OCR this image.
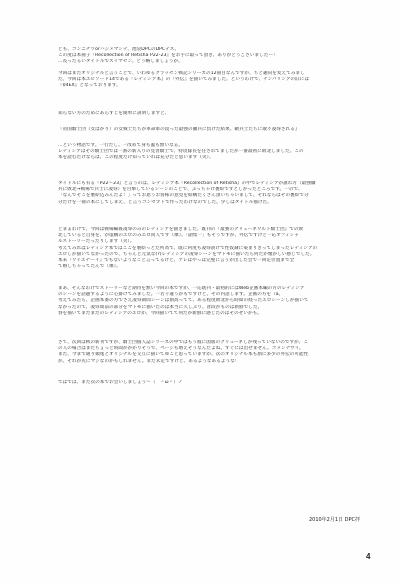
ども、コンニチワorハジメマシテ、池袋DPCのDPCデス。
この度は本冊子『Recollection of Retisha P22-23』をお手に取って頂き、ありがとうございましたー！
…長ったるいタイトルでスイマセン。どう略しましょうか。
今回はまたオリジナルと言うことで、いわゆるグラッセン戦記シリーズの12冊目なんですが、ちと趣向を変えてみまし
た。今回は本エピソード14である『レティシア本』の『外伝』を描いてみました。というわけで、ナンバリングの旧には
『04EX』となっております。
知らない方のためにあらすじを簡単に説明しますと、
『帝国騎士団（女ばかり）の女戦士たちが革命軍の罠った最強の傭兵に負けた結果、敵兵士たちに散々凌辱される』
…という物語です。一行だし。一改めて身も蓋も無いなぁ。
レティシアはその騎士団では一番の新入りの見習騎士で、特攻隊長を任されてましたが一番最初に敗北しました。この
本を読むだけならば、この程度だけ知っていれば充分だと思います（笑）。
タイトルにも有る『P22～23』と言うのは、レティシア本『Recollection of Retisha』の中でレティシアが誰れ方（最強傭
兵に敗北→戦場で兵士に凌辱）を目撃しているシーンのことで、ぶっちゃけ裏絵ですとしかったところです。一ので、
「なんでそこを裏絵込みんだよ！」ってお思うお客様の意見を結構たくさん頂いちゃいまして、それならばその裏絵で分
分だけを一冊の本にしてしまえ、と言うコンセプトで作ったわけなのでした。少しはタイトル描けた。
とまぁわけで、今回は戦場輪姦凌辱のみのレティシアを描きました。既刊の『最強のグリューネワルト騎士団』での敗
北していると自身を、が虚構のエロのみエロ同人です（爆）。「副集一」もそうですが、外伝ですけど一応オフィシャ
ルストーリーだったりします（笑）。
考えてみればレティシア本ではここを裏絵っとた所為で、既に何度も凌辱漬けで性奴隷に染まりきってしまったレティシアの
エロしか描いてなかったので、ちゃんと元気な(?)レティシアの凌辱シーンをマトモに描いたら何だか懐かしい感じでした。
本来『ワイエナーイ』でもないようなこと言ってるけど、アレはやっぱ完璧に言うが出した会で一回定位置まで全
て嬉しちゃってたんで（爆）。
まあ、そんなわけでストーリーなど期待を無い今回の本ですが、一応既刊・最初的にはWeb企画本編の方のレティシア
のシーンを話題するように心掛けてみました。一若干違うかもですけど、その内語します。企画の方を（a。
考えてみたら、企画本番の方でさえ凌辱期間シーンは割高ってて、ある程度敗北から時間の経ったエロシーンしか描いて
なかったので、凌辱間前の部分をマトモに描いたのは本当に久しぶり。普段がものは新鮮でした。
春を描いてまだまだのレティシアのエロが、今回描いてて何だか新鮮に感じたのはそのせいかも。
さて、次回は秋の新刊ですが、騎士団個人誌シリーズの中ではもう彼に図版のグリューネしか残っていないのですが、こ
の人の場合はまだちょっと時間がかかりそうで、ページも増えそうなんだよね、すぐには出せません。ゴメンナサイ。
また、今まで通り頻尾とオリジナルを交互に描いてゆこと思っていますが、次のオリジナル本も割に多少の外伝の可能性
が。それが先にマジなのかもしれません。まだ未定ですけど。あるようなあるような！
ではでは、また次の本でお会いしましょう～（　＾ω＾）ノ
2010年2月1日 DPC拝
4
